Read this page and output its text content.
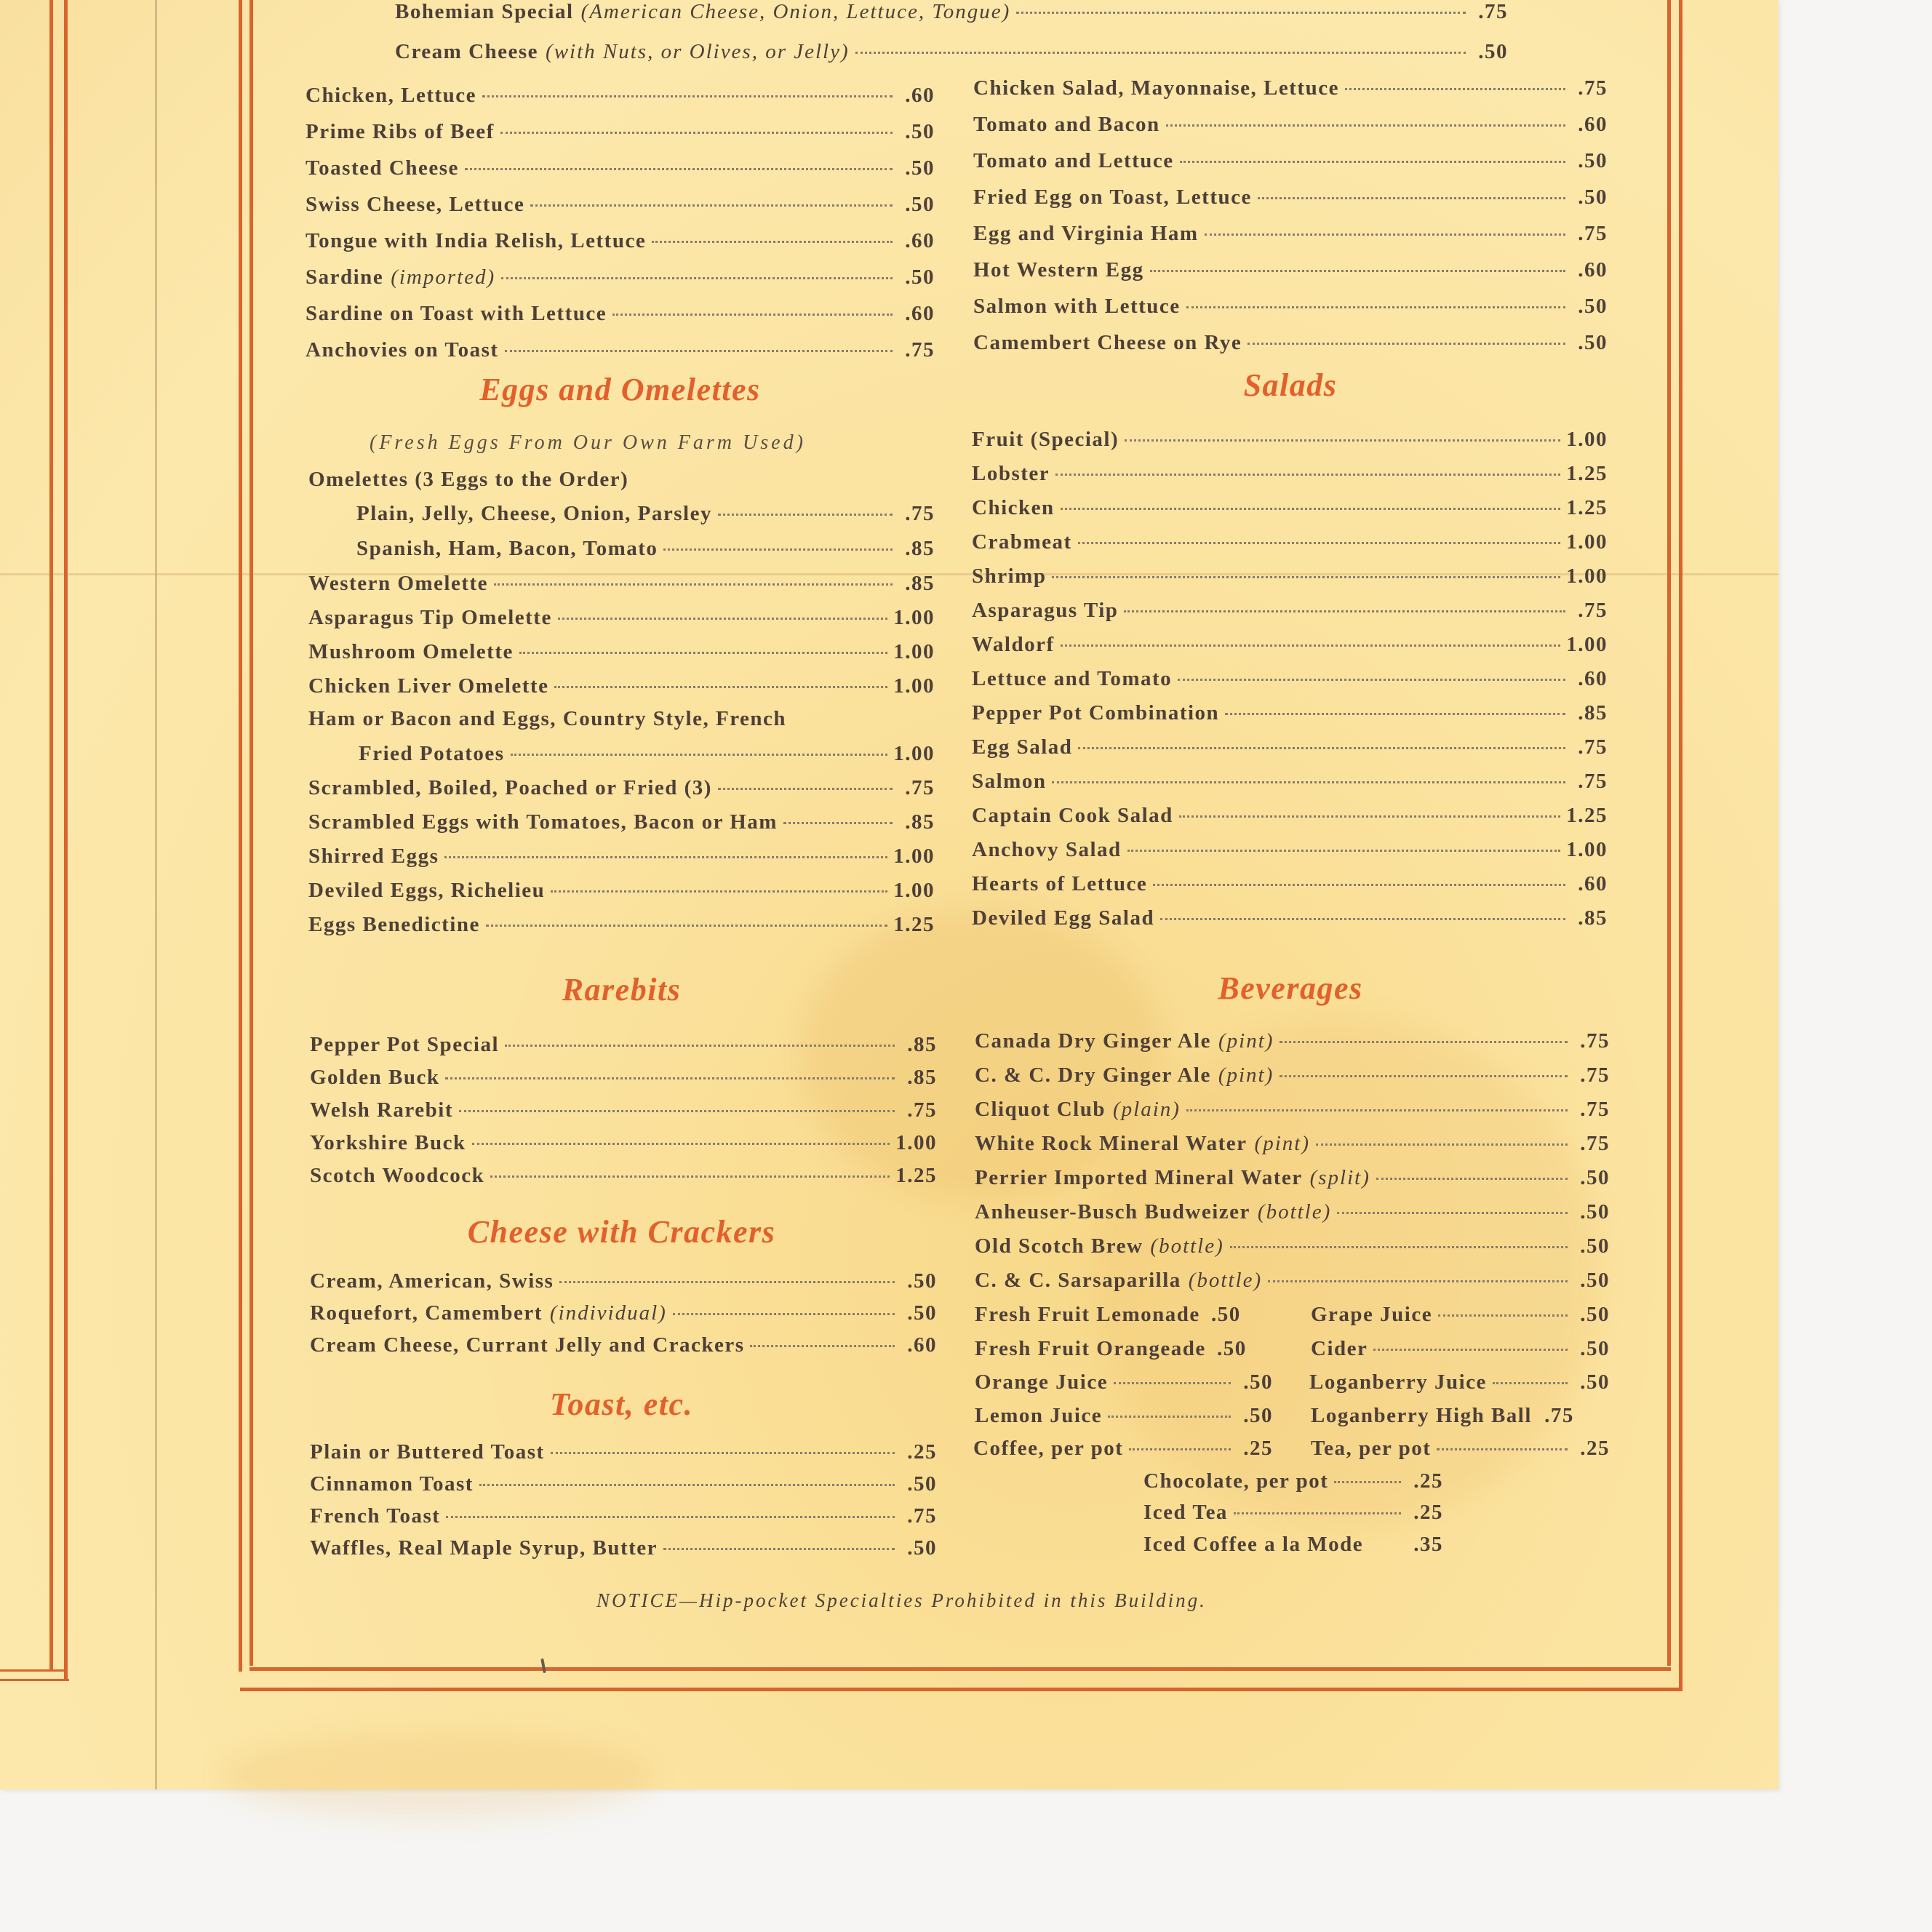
Bohemian Special (American Cheese, Onion, Lettuce, Tongue)	.75
Cream Cheese (with Nuts, or Olives, or Jelly)	.50
Chicken, Lettuce	.60
Prime Ribs of Beef	.50
Toasted Cheese	.50
Swiss Cheese, Lettuce	.50
Tongue with India Relish, Lettuce	.60
Sardine (imported)	.50
Sardine on Toast with Lettuce	.60
Anchovies on Toast	.75
Chicken Salad, Mayonnaise, Lettuce	.75
Tomato and Bacon	.60
Tomato and Lettuce	.50
Fried Egg on Toast, Lettuce	.50
Egg and Virginia Ham	.75
Hot Western Egg	.60
Salmon with Lettuce	.50
Camembert Cheese on Rye	.50
Eggs and Omelettes
(Fresh Eggs From Our Own Farm Used)
Omelettes (3 Eggs to the Order)
Plain, Jelly, Cheese, Onion, Parsley	.75
Spanish, Ham, Bacon, Tomato	.85
Western Omelette	.85
Asparagus Tip Omelette	1.00
Mushroom Omelette	1.00
Chicken Liver Omelette	1.00
Ham or Bacon and Eggs, Country Style, French
Fried Potatoes	1.00
Scrambled, Boiled, Poached or Fried (3)	.75
Scrambled Eggs with Tomatoes, Bacon or Ham	.85
Shirred Eggs	1.00
Deviled Eggs, Richelieu	1.00
Eggs Benedictine	1.25
Salads
Fruit (Special)	1.00
Lobster	1.25
Chicken	1.25
Crabmeat	1.00
Shrimp	1.00
Asparagus Tip	.75
Waldorf	1.00
Lettuce and Tomato	.60
Pepper Pot Combination	.85
Egg Salad	.75
Salmon	.75
Captain Cook Salad	1.25
Anchovy Salad	1.00
Hearts of Lettuce	.60
Deviled Egg Salad	.85
Rarebits
Pepper Pot Special	.85
Golden Buck	.85
Welsh Rarebit	.75
Yorkshire Buck	1.00
Scotch Woodcock	1.25
Cheese with Crackers
Cream, American, Swiss	.50
Roquefort, Camembert (individual)	.50
Cream Cheese, Currant Jelly and Crackers	.60
Toast, etc.
Plain or Buttered Toast	.25
Cinnamon Toast	.50
French Toast	.75
Waffles, Real Maple Syrup, Butter	.50
Beverages
Canada Dry Ginger Ale (pint)	.75
C. & C. Dry Ginger Ale (pint)	.75
Cliquot Club (plain)	.75
White Rock Mineral Water (pint)	.75
Perrier Imported Mineral Water (split)	.50
Anheuser-Busch Budweizer (bottle)	.50
Old Scotch Brew (bottle)	.50
C. & C. Sarsaparilla (bottle)	.50
Fresh Fruit Lemonade .50
Fresh Fruit Orangeade .50
Orange Juice	.50
Lemon Juice	.50
Coffee, per pot	.25
Grape Juice	.50
Cider	.50
Loganberry Juice	.50
Loganberry High Ball .75
Tea, per pot	.25
Chocolate, per pot	.25
Iced Tea	.25
Iced Coffee a la Mode	.35
NOTICE—Hip-pocket Specialties Prohibited in this Building.
